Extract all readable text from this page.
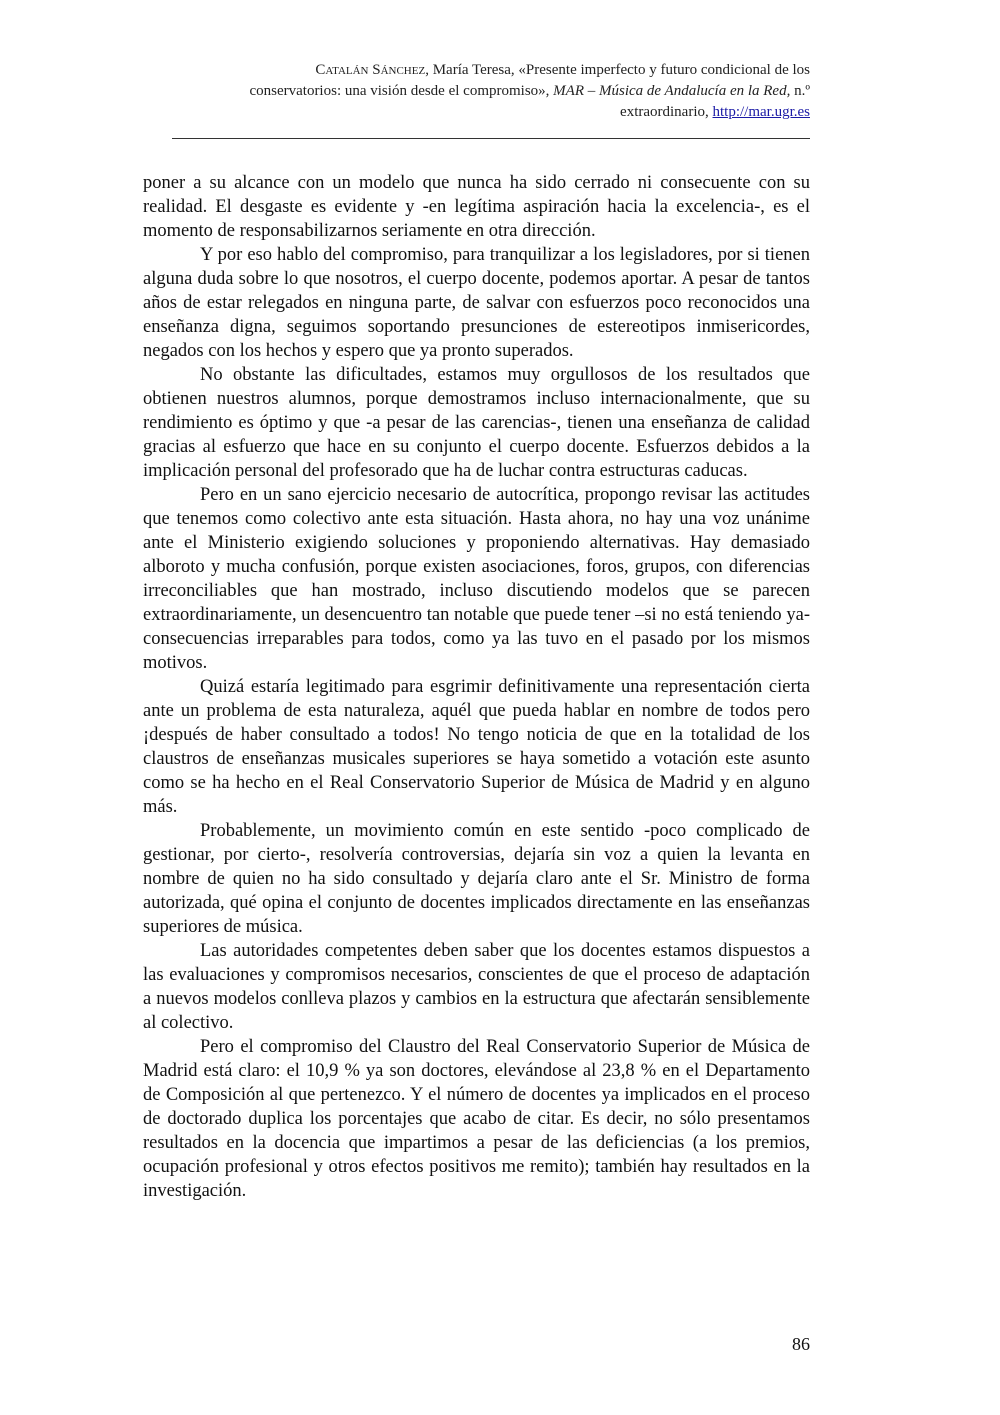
Catalán Sánchez, María Teresa, «Presente imperfecto y futuro condicional de los
conservatorios: una visión desde el compromiso», MAR – Música de Andalucía en la Red, n.º
extraordinario, http://mar.ugr.es

poner a su alcance con un modelo que nunca ha sido cerrado ni consecuente con su realidad. El desgaste es evidente y -en legítima aspiración hacia la excelencia-, es el momento de responsabilizarnos seriamente en otra dirección.

Y por eso hablo del compromiso, para tranquilizar a los legisladores, por si tienen alguna duda sobre lo que nosotros, el cuerpo docente, podemos aportar. A pesar de tantos años de estar relegados en ninguna parte, de salvar con esfuerzos poco reconocidos una enseñanza digna, seguimos soportando presunciones de estereotipos inmisericordes, negados con los hechos y espero que ya pronto superados.

No obstante las dificultades, estamos muy orgullosos de los resultados que obtienen nuestros alumnos, porque demostramos incluso internacionalmente, que su rendimiento es óptimo y que -a pesar de las carencias-, tienen una enseñanza de calidad gracias al esfuerzo que hace en su conjunto el cuerpo docente. Esfuerzos debidos a la implicación personal del profesorado que ha de luchar contra estructuras caducas.

Pero en un sano ejercicio necesario de autocrítica, propongo revisar las actitudes que tenemos como colectivo ante esta situación. Hasta ahora, no hay una voz unánime ante el Ministerio exigiendo soluciones y proponiendo alternativas. Hay demasiado alboroto y mucha confusión, porque existen asociaciones, foros, grupos, con diferencias irreconciliables que han mostrado, incluso discutiendo modelos que se parecen extraordinariamente, un desencuentro tan notable que puede tener –si no está teniendo ya- consecuencias irreparables para todos, como ya las tuvo en el pasado por los mismos motivos.

Quizá estaría legitimado para esgrimir definitivamente una representación cierta ante un problema de esta naturaleza, aquél que pueda hablar en nombre de todos pero ¡después de haber consultado a todos! No tengo noticia de que en la totalidad de los claustros de enseñanzas musicales superiores se haya sometido a votación este asunto como se ha hecho en el Real Conservatorio Superior de Música de Madrid y en alguno más.

Probablemente, un movimiento común en este sentido -poco complicado de gestionar, por cierto-, resolvería controversias, dejaría sin voz a quien la levanta en nombre de quien no ha sido consultado y dejaría claro ante el Sr. Ministro de forma autorizada, qué opina el conjunto de docentes implicados directamente en las enseñanzas superiores de música.

Las autoridades competentes deben saber que los docentes estamos dispuestos a las evaluaciones y compromisos necesarios, conscientes de que el proceso de adaptación a nuevos modelos conlleva plazos y cambios en la estructura que afectarán sensiblemente al colectivo.

Pero el compromiso del Claustro del Real Conservatorio Superior de Música de Madrid está claro: el 10,9 % ya son doctores, elevándose al 23,8 % en el Departamento de Composición al que pertenezco. Y el número de docentes ya implicados en el proceso de doctorado duplica los porcentajes que acabo de citar. Es decir, no sólo presentamos resultados en la docencia que impartimos a pesar de las deficiencias (a los premios, ocupación profesional y otros efectos positivos me remito); también hay resultados en la investigación.

86
